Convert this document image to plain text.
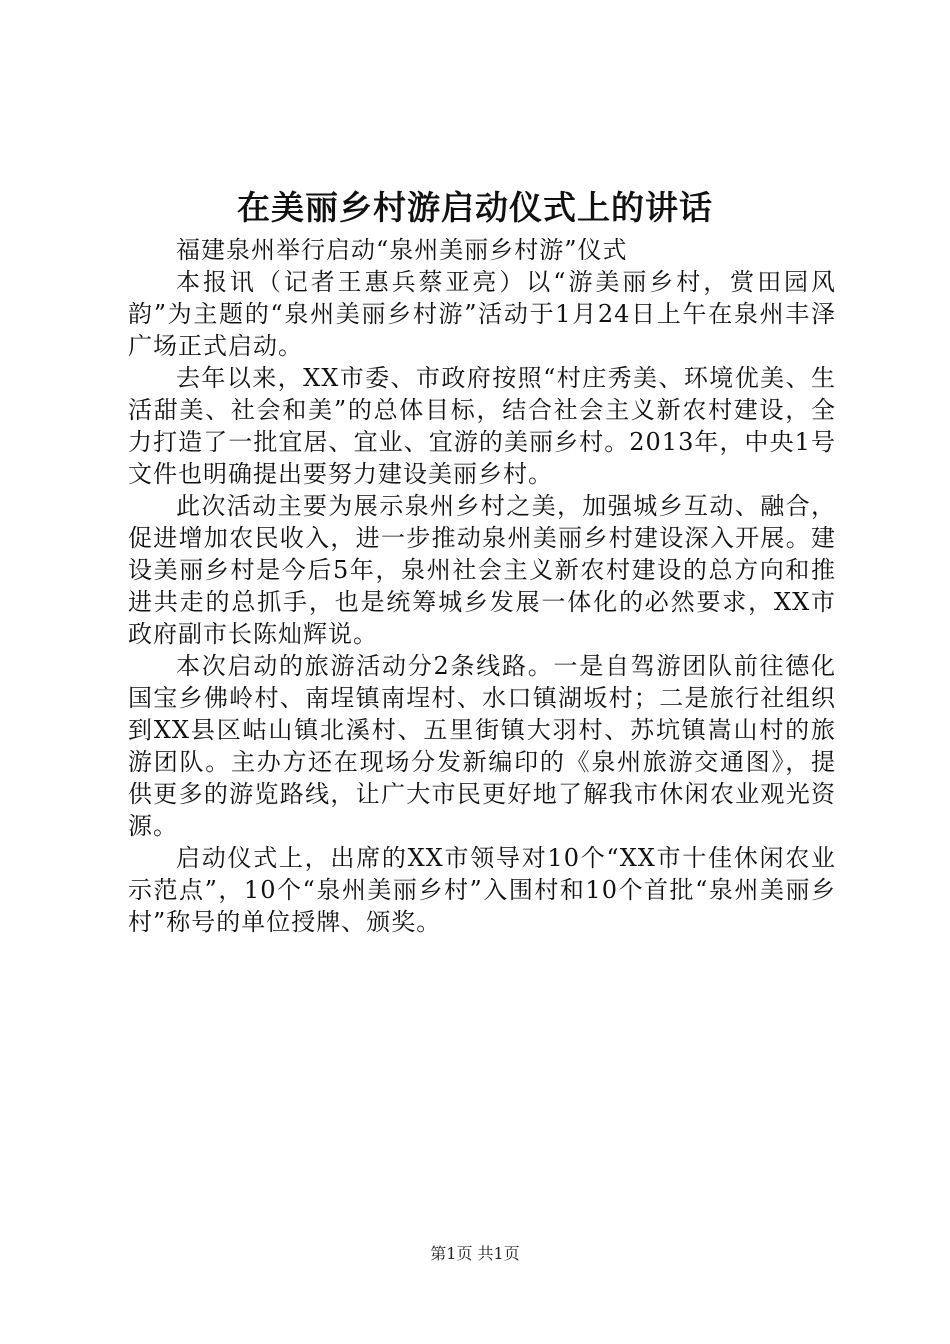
在美丽乡村游启动仪式上的讲话

福建泉州举行启动“泉州美丽乡村游”仪式

本报讯（记者王惠兵蔡亚亮）以“游美丽乡村，赏田园风韵”为主题的“泉州美丽乡村游”活动于1月24日上午在泉州丰泽广场正式启动。

去年以来，XX市委、市政府按照“村庄秀美、环境优美、生活甜美、社会和美”的总体目标，结合社会主义新农村建设，全力打造了一批宜居、宜业、宜游的美丽乡村。2013年，中央1号文件也明确提出要努力建设美丽乡村。

此次活动主要为展示泉州乡村之美，加强城乡互动、融合，促进增加农民收入，进一步推动泉州美丽乡村建设深入开展。建设美丽乡村是今后5年，泉州社会主义新农村建设的总方向和推进共走的总抓手，也是统筹城乡发展一体化的必然要求，XX市政府副市长陈灿辉说。

本次启动的旅游活动分2条线路。一是自驾游团队前往德化国宝乡佛岭村、南埕镇南埕村、水口镇湖坂村；二是旅行社组织到XX县区岵山镇北溪村、五里街镇大羽村、苏坑镇嵩山村的旅游团队。主办方还在现场分发新编印的《泉州旅游交通图》，提供更多的游览路线，让广大市民更好地了解我市休闲农业观光资源。

启动仪式上，出席的XX市领导对10个“XX市十佳休闲农业示范点”，10个“泉州美丽乡村”入围村和10个首批“泉州美丽乡村”称号的单位授牌、颁奖。

第1页 共1页
